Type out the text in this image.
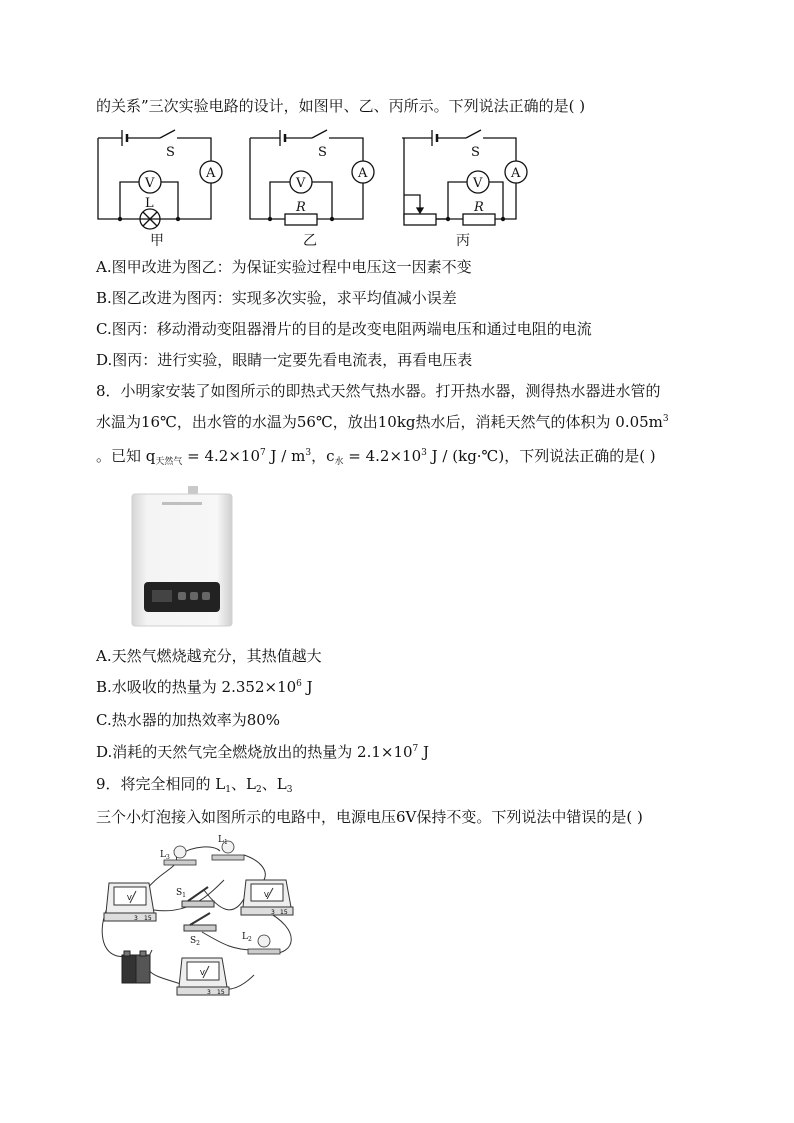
的关系”三次实验电路的设计，如图甲、乙、丙所示。下列说法正确的是( )
S
A
V
L
甲
S
A
V
R
乙
S
A
V
R
丙
A.图甲改进为图乙：为保证实验过程中电压这一因素不变
B.图乙改进为图丙：实现多次实验，求平均值减小误差
C.图丙：移动滑动变阻器滑片的目的是改变电阻两端电压和通过电阻的电流
D.图丙：进行实验，眼睛一定要先看电流表，再看电压表
8．小明家安装了如图所示的即热式天然气热水器。打开热水器，测得热水器进水管的
水温为16℃，出水管的水温为56℃，放出10kg热水后，消耗天然气的体积为 $0.05m^3$
。已知 $q_{天然气} = 4.2\times 10^7$ J / $m^3$，$c_水 = 4.2\times 10^3$ J / (kg·℃)，下列说法正确的是( )
A.天然气燃烧越充分，其热值越大
B.水吸收的热量为 $2.352\times 10^6$ J
C.热水器的加热效率为80%
D.消耗的天然气完全燃烧放出的热量为 $2.1\times 10^7$ J
9．将完全相同的 $L_1$、$L_2$、$L_3$
三个小灯泡接入如图所示的电路中，电源电压6V保持不变。下列说法中错误的是( )
V
3 15
V
3 15
V
3 15
$L_3$
$L_1$
$L_2$
$S_1$
$S_2$
